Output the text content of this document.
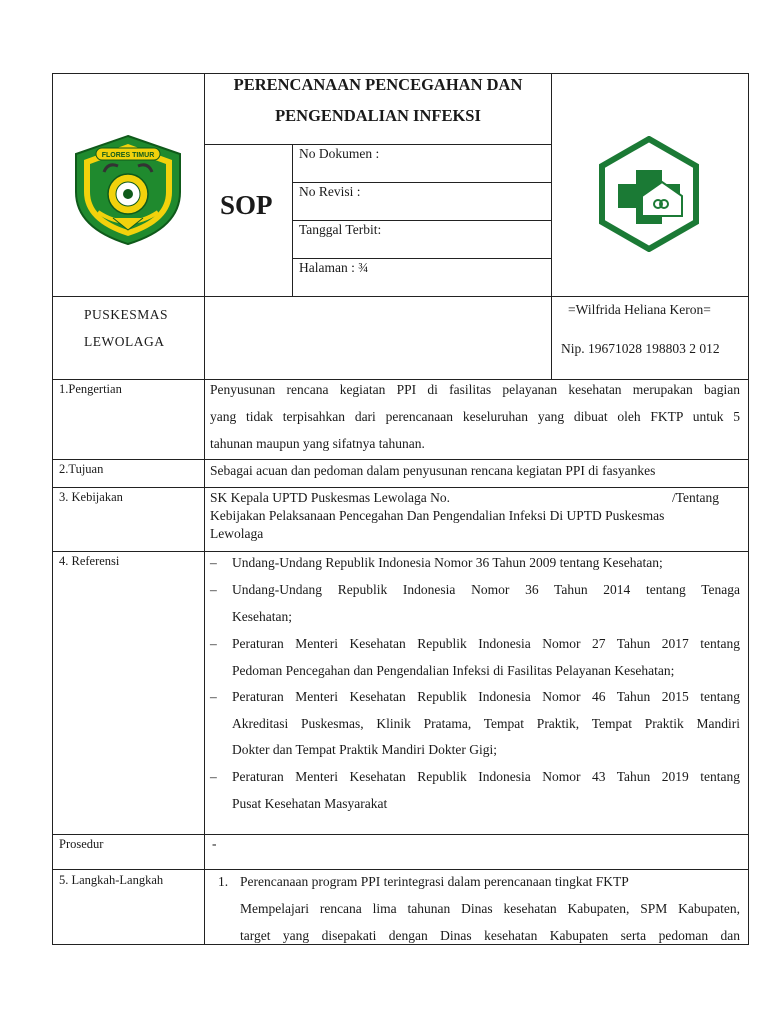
FLORES TIMUR
PERENCANAAN PENCEGAHAN DAN
PENGENDALIAN INFEKSI
SOP
No Dokumen :
No Revisi :
Tanggal Terbit:
Halaman : ¾
PUSKESMAS
LEWOLAGA
=Wilfrida Heliana Keron=
Nip. 19671028 198803 2 012
1.Pengertian	Penyusunan rencana kegiatan PPI di fasilitas pelayanan kesehatan merupakan bagian
yang tidak terpisahkan dari perencanaan keseluruhan yang dibuat oleh FKTP untuk 5
tahunan maupun yang sifatnya tahunan.
2.Tujuan	Sebagai acuan dan pedoman dalam penyusunan rencana kegiatan PPI di fasyankes
3. Kebijakan	SK Kepala UPTD Puskesmas Lewolaga No.	/Tentang
Kebijakan Pelaksanaan Pencegahan Dan Pengendalian Infeksi Di UPTD Puskesmas
Lewolaga
4. Referensi	– Undang-Undang Republik Indonesia Nomor 36 Tahun 2009 tentang Kesehatan;
– Undang-Undang Republik Indonesia Nomor 36 Tahun 2014 tentang Tenaga
Kesehatan;
– Peraturan Menteri Kesehatan Republik Indonesia Nomor 27 Tahun 2017 tentang
Pedoman Pencegahan dan Pengendalian Infeksi di Fasilitas Pelayanan Kesehatan;
– Peraturan Menteri Kesehatan Republik Indonesia Nomor 46 Tahun 2015 tentang
Akreditasi Puskesmas, Klinik Pratama, Tempat Praktik, Tempat Praktik Mandiri
Dokter dan Tempat Praktik Mandiri Dokter Gigi;
– Peraturan Menteri Kesehatan Republik Indonesia Nomor 43 Tahun 2019 tentang
Pusat Kesehatan Masyarakat
Prosedur	-
5. Langkah-Langkah	1. Perencanaan program PPI terintegrasi dalam perencanaan tingkat FKTP
Mempelajari rencana lima tahunan Dinas kesehatan Kabupaten, SPM Kabupaten,
target yang disepakati dengan Dinas kesehatan Kabupaten serta pedoman dan
